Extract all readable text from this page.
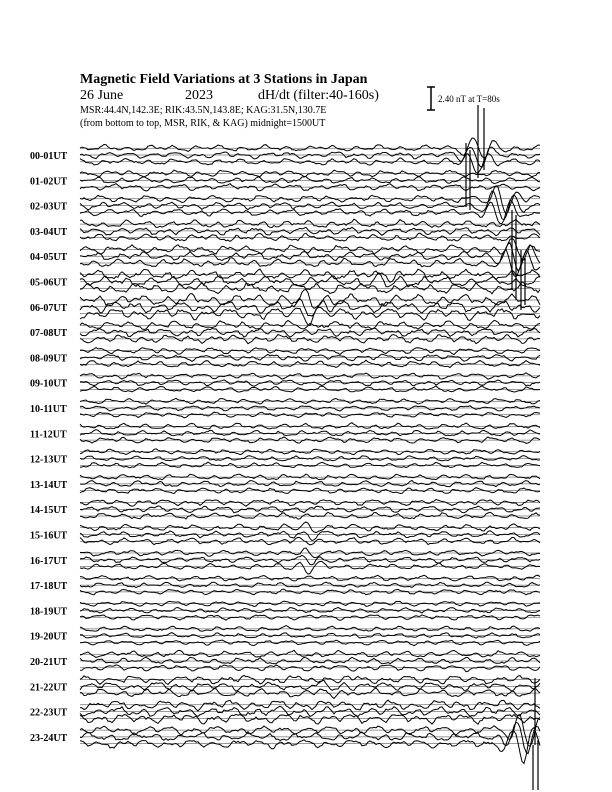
Magnetic Field Variations at 3 Stations in Japan
26 June	2023	dH/dt (filter:40-160s)
MSR:44.4N,142.3E; RIK:43.5N,143.8E; KAG:31.5N,130.7E
(from bottom to top, MSR, RIK, & KAG) midnight=1500UT
2.40 nT at T=80s
00-01UT
01-02UT
02-03UT
03-04UT
04-05UT
05-06UT
06-07UT
07-08UT
08-09UT
09-10UT
10-11UT
11-12UT
12-13UT
13-14UT
14-15UT
15-16UT
16-17UT
17-18UT
18-19UT
19-20UT
20-21UT
21-22UT
22-23UT
23-24UT
